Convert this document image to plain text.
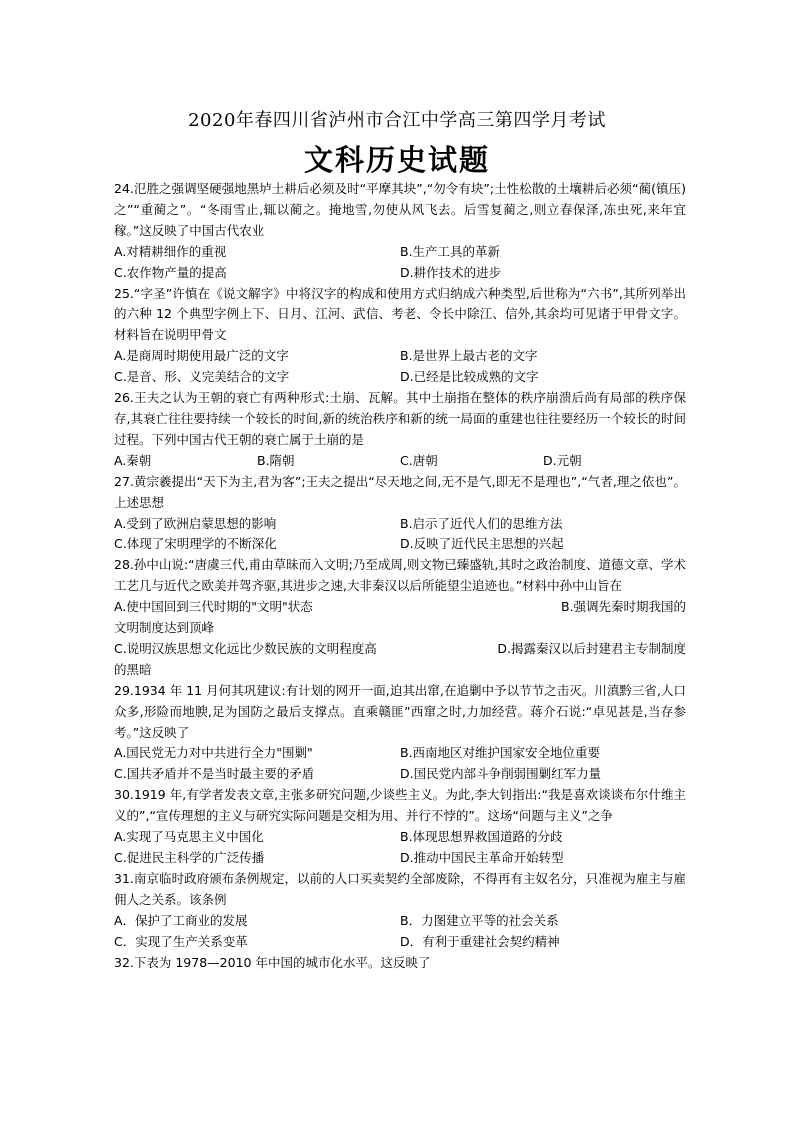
2020年春四川省泸州市合江中学高三第四学月考试
文科历史试题

24.氾胜之强调坚硬强地黑垆土耕后必须及时“平摩其块”,“勿令有块”;土性松散的土壤耕后必须“蔺(镇压)之”“重蔺之”。“冬雨雪止,辄以蔺之。掩地雪,勿使从风飞去。后雪复蔺之,则立春保泽,冻虫死,来年宜稼。”这反映了中国古代农业

A.对精耕细作的重视	B.生产工具的革新
C.农作物产量的提高	D.耕作技术的进步

25.“字圣”许慎在《说文解字》中将汉字的构成和使用方式归纳成六种类型,后世称为“六书”,其所列举出的六种 12 个典型字例上下、日月、江河、武信、考老、令长中除江、信外,其余均可见诸于甲骨文字。材料旨在说明甲骨文

A.是商周时期使用最广泛的文字	B.是世界上最古老的文字
C.是音、形、义完美结合的文字	D.已经是比较成熟的文字

26.王夫之认为王朝的衰亡有两种形式:土崩、瓦解。其中土崩指在整体的秩序崩溃后尚有局部的秩序保存,其衰亡往往要持续一个较长的时间,新的统治秩序和新的统一局面的重建也往往要经历一个较长的时间过程。下列中国古代王朝的衰亡属于土崩的是

A.秦朝	B.隋朝	C.唐朝	D.元朝

27.黄宗羲提出“天下为主,君为客”;王夫之提出“尽天地之间,无不是气,即无不是理也”,“气者,理之依也”。上述思想

A.受到了欧洲启蒙思想的影响	B.启示了近代人们的思维方法
C.体现了宋明理学的不断深化	D.反映了近代民主思想的兴起

28.孙中山说:“唐虞三代,甫由草昧而入文明;乃至成周,则文物已臻盛轨,其时之政治制度、道德文章、学术工艺几与近代之欧美并驾齐驱,其进步之速,大非秦汉以后所能望尘追迹也。”材料中孙中山旨在

A.使中国回到三代时期的"文明"状态	B.强调先秦时期我国的
文明制度达到顶峰
C.说明汉族思想文化远比少数民族的文明程度高	D.揭露秦汉以后封建君主专制制度
的黑暗

29.1934 年 11 月何其巩建议:有计划的网开一面,迫其出窜,在追剿中予以节节之击灭。川滇黔三省,人口众多,形险而地腴,足为国防之最后支撑点。直乘赣匪”西窜之时,力加经营。蒋介石说:“卓见甚是,当存参考。”这反映了

A.国民党无力对中共进行全力"围剿"	B.西南地区对维护国家安全地位重要
C.国共矛盾并不是当时最主要的矛盾	D.国民党内部斗争削弱围剿红军力量

30.1919 年,有学者发表文章,主张多研究问题,少谈些主义。为此,李大钊指出:“我是喜欢谈谈布尔什维主义的”,“宣传理想的主义与研究实际问题是交相为用、并行不悖的”。这场“问题与主义”之争

A.实现了马克思主义中国化	B.体现思想界救国道路的分歧
C.促进民主科学的广泛传播	D.推动中国民主革命开始转型

31.南京临时政府颁布条例规定，以前的人口买卖契约全部废除，不得再有主奴名分，只准视为雇主与雇佣人之关系。该条例

A．保护了工商业的发展	B．力图建立平等的社会关系
C．实现了生产关系变革	D．有利于重建社会契约精神

32.下表为 1978—2010 年中国的城市化水平。这反映了
